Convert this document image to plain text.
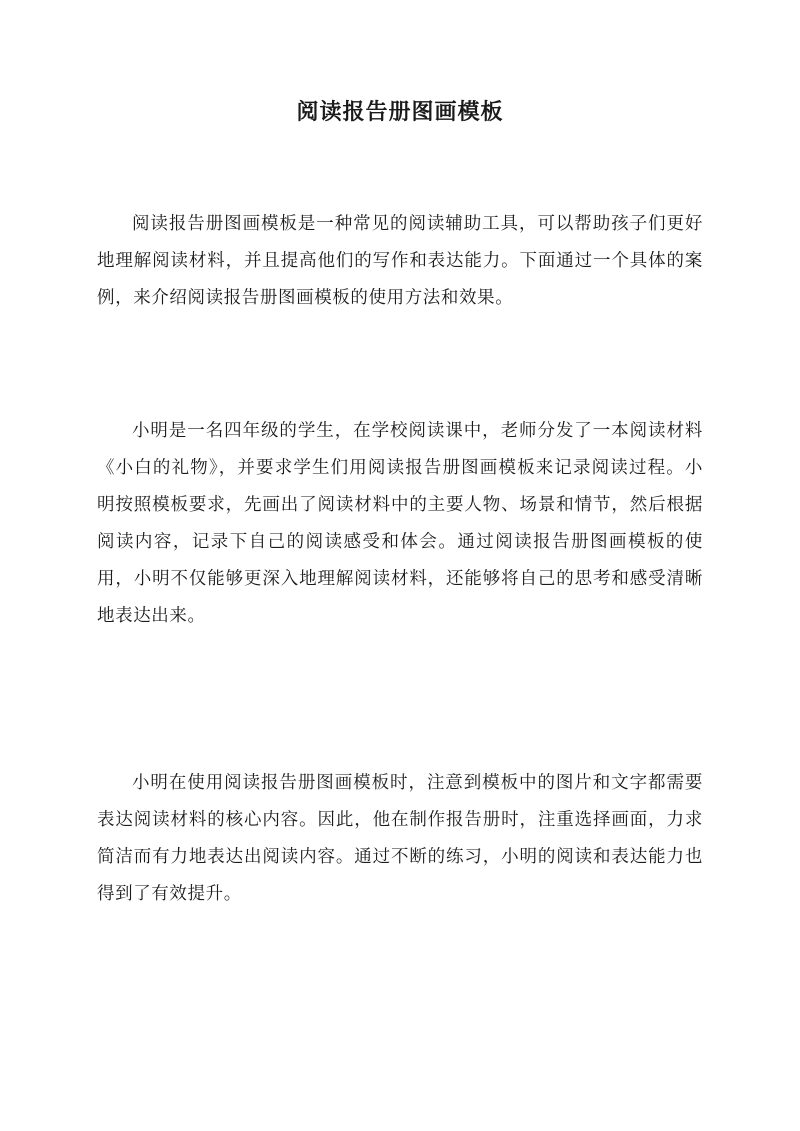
阅读报告册图画模板

阅读报告册图画模板是一种常见的阅读辅助工具，可以帮助孩子们更好地理解阅读材料，并且提高他们的写作和表达能力。下面通过一个具体的案例，来介绍阅读报告册图画模板的使用方法和效果。

小明是一名四年级的学生，在学校阅读课中，老师分发了一本阅读材料《小白的礼物》，并要求学生们用阅读报告册图画模板来记录阅读过程。小明按照模板要求，先画出了阅读材料中的主要人物、场景和情节，然后根据阅读内容，记录下自己的阅读感受和体会。通过阅读报告册图画模板的使用，小明不仅能够更深入地理解阅读材料，还能够将自己的思考和感受清晰地表达出来。

小明在使用阅读报告册图画模板时，注意到模板中的图片和文字都需要表达阅读材料的核心内容。因此，他在制作报告册时，注重选择画面，力求简洁而有力地表达出阅读内容。通过不断的练习，小明的阅读和表达能力也得到了有效提升。
